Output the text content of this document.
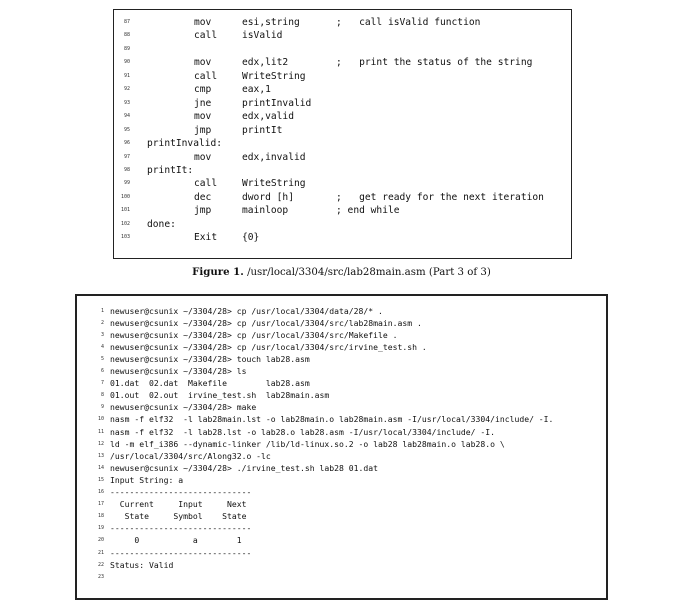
87	mov	esi,string	;   call isValid function
88	call	isValid
89
90	mov	edx,lit2	;   print the status of the string
91	call	WriteString
92	cmp	eax,1
93	jne	printInvalid
94	mov	edx,valid
95	jmp	printIt
96 printInvalid:
97	mov	edx,invalid
98 printIt:
99	call	WriteString
100	dec	dword [h]	;   get ready for the next iteration
101	jmp	mainloop	; end while
102 done:
103	Exit	{0}
Figure 1. /usr/local/3304/src/lab28main.asm (Part 3 of 3)
1 newuser@csunix ~/3304/28> cp /usr/local/3304/data/28/* .
2 newuser@csunix ~/3304/28> cp /usr/local/3304/src/lab28main.asm .
3 newuser@csunix ~/3304/28> cp /usr/local/3304/src/Makefile .
4 newuser@csunix ~/3304/28> cp /usr/local/3304/src/irvine_test.sh .
5 newuser@csunix ~/3304/28> touch lab28.asm
6 newuser@csunix ~/3304/28> ls
7 01.dat  02.dat  Makefile        lab28.asm
8 01.out  02.out  irvine_test.sh  lab28main.asm
9 newuser@csunix ~/3304/28> make
10 nasm -f elf32  -l lab28main.lst -o lab28main.o lab28main.asm -I/usr/local/3304/include/ -I.
11 nasm -f elf32  -l lab28.lst -o lab28.o lab28.asm -I/usr/local/3304/include/ -I.
12 ld -m elf_i386 --dynamic-linker /lib/ld-linux.so.2 -o lab28 lab28main.o lab28.o \
13 /usr/local/3304/src/Along32.o -lc
14 newuser@csunix ~/3304/28> ./irvine_test.sh lab28 01.dat
15 Input String: a
16 -----------------------------
17 Current     Input     Next
18 State     Symbol    State
19 -----------------------------
20 0           a        1
21 -----------------------------
22 Status: Valid
23
